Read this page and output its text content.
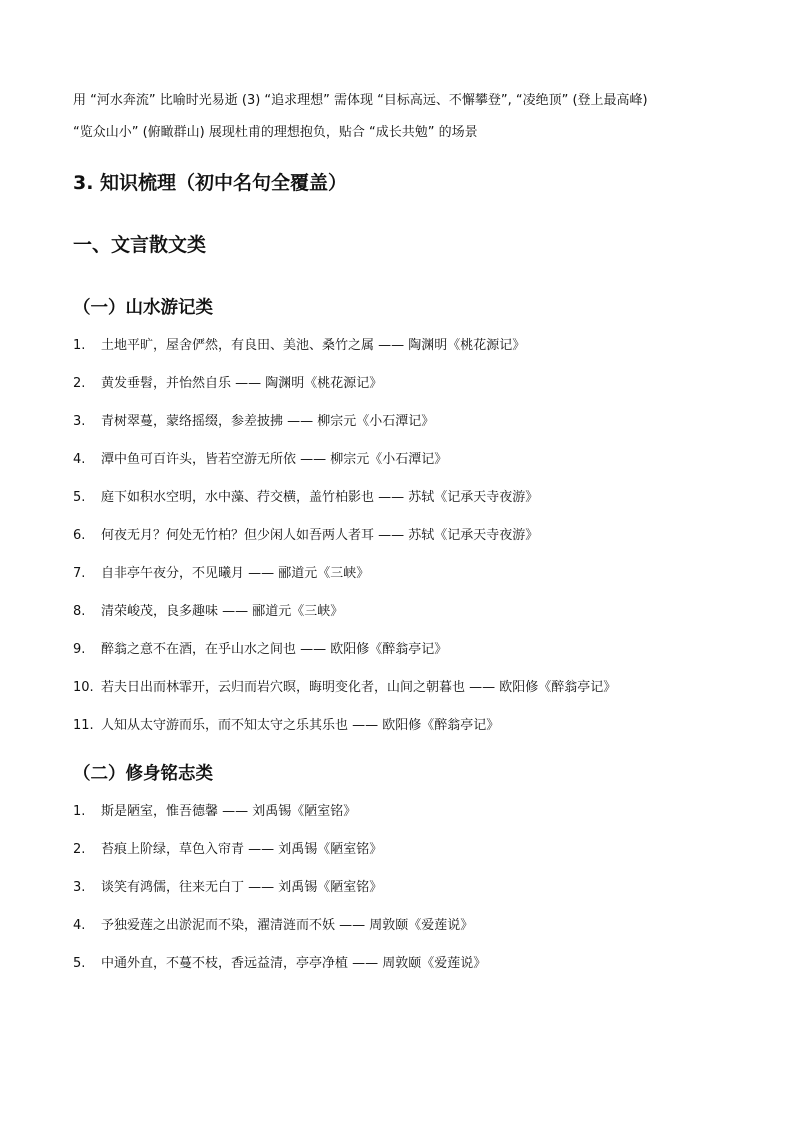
用 “河水奔流” 比喻时光易逝 (3) “追求理想” 需体现 “目标高远、不懈攀登”, “凌绝顶” (登上最高峰)

“览众山小” (俯瞰群山) 展现杜甫的理想抱负，贴合 “成长共勉” 的场景

3. 知识梳理（初中名句全覆盖）
一、文言散文类
（一）山水游记类
1.	土地平旷，屋舍俨然，有良田、美池、桑竹之属 —— 陶渊明《桃花源记》
2.	黄发垂髫，并怡然自乐 —— 陶渊明《桃花源记》
3.	青树翠蔓，蒙络摇缀，参差披拂 —— 柳宗元《小石潭记》
4.	潭中鱼可百许头，皆若空游无所依 —— 柳宗元《小石潭记》
5.	庭下如积水空明，水中藻、荇交横，盖竹柏影也 —— 苏轼《记承天寺夜游》
6.	何夜无月？何处无竹柏？但少闲人如吾两人者耳 —— 苏轼《记承天寺夜游》
7.	自非亭午夜分，不见曦月 —— 郦道元《三峡》
8.	清荣峻茂，良多趣味 —— 郦道元《三峡》
9.	醉翁之意不在酒，在乎山水之间也 —— 欧阳修《醉翁亭记》
10. 若夫日出而林霏开，云归而岩穴暝，晦明变化者，山间之朝暮也 —— 欧阳修《醉翁亭记》
11. 人知从太守游而乐，而不知太守之乐其乐也 —— 欧阳修《醉翁亭记》
（二）修身铭志类
1.	斯是陋室，惟吾德馨 —— 刘禹锡《陋室铭》
2.	苔痕上阶绿，草色入帘青 —— 刘禹锡《陋室铭》
3.	谈笑有鸿儒，往来无白丁 —— 刘禹锡《陋室铭》
4.	予独爱莲之出淤泥而不染，濯清涟而不妖 —— 周敦颐《爱莲说》
5.	中通外直，不蔓不枝，香远益清，亭亭净植 —— 周敦颐《爱莲说》
